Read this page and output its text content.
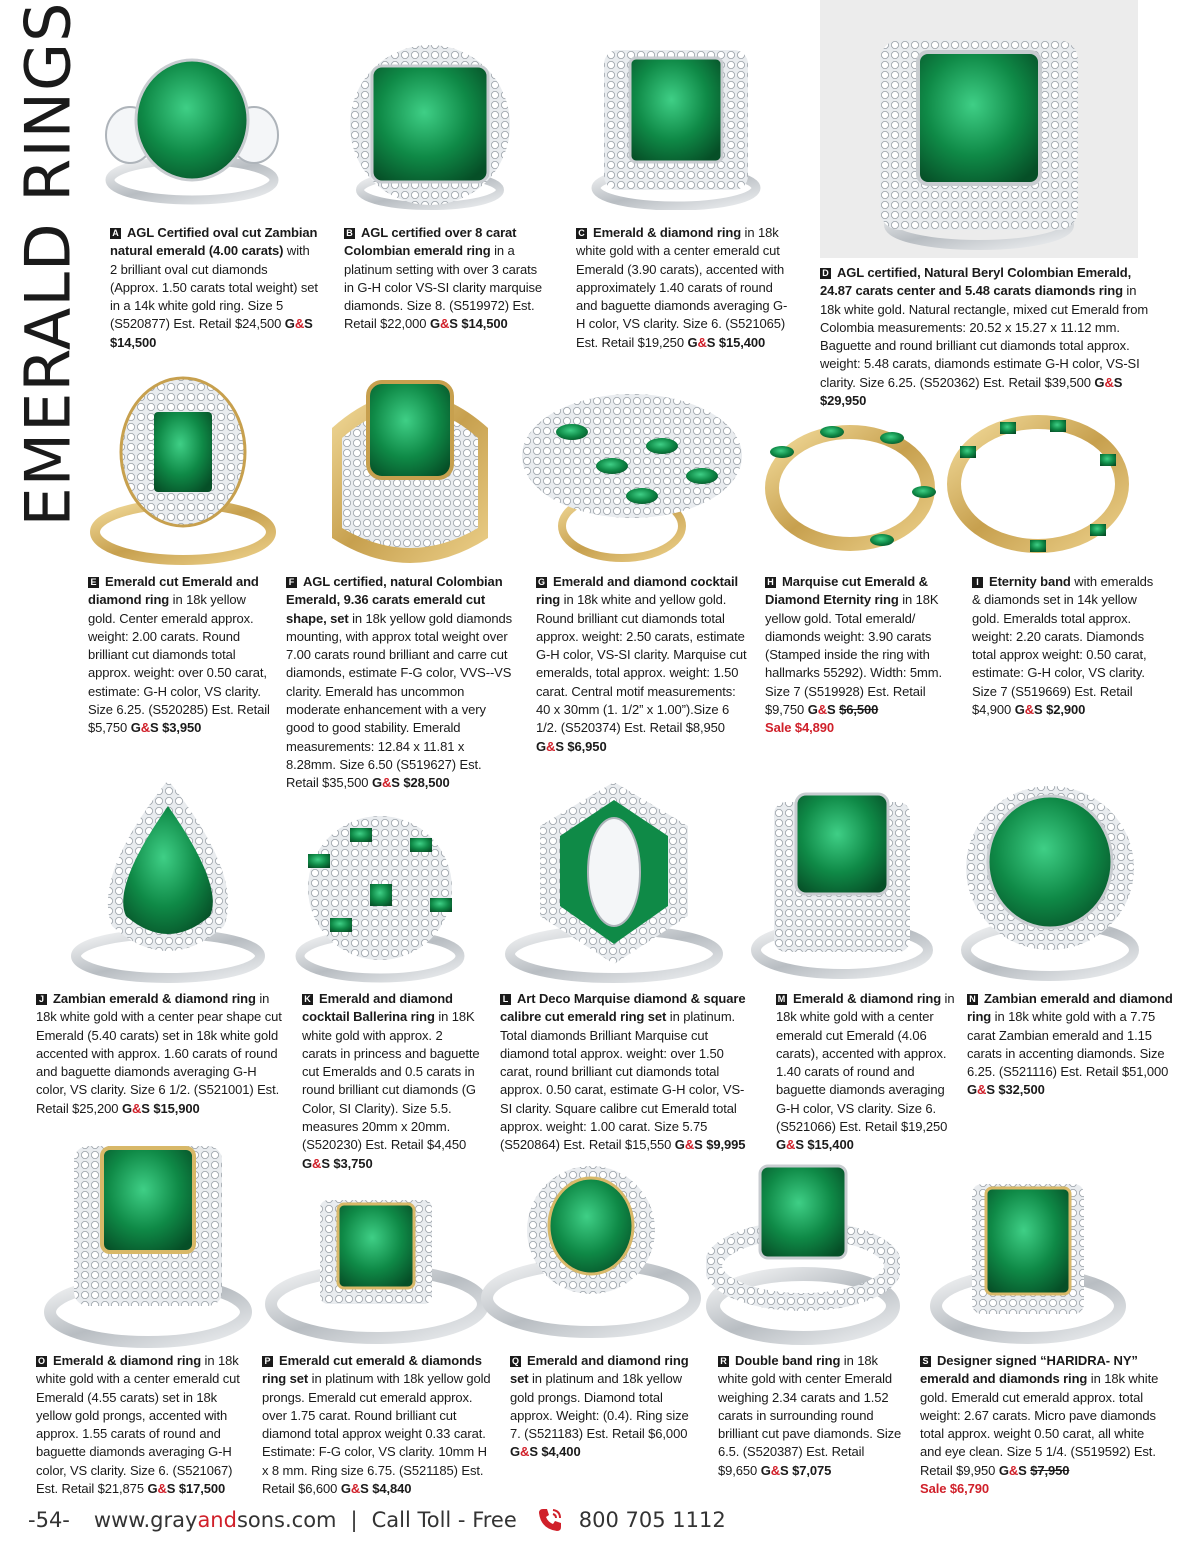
EMERALD RINGS	A AGL Certified oval cut Zambian natural emerald (4.00 carats) with 2 brilliant oval cut diamonds (Approx. 1.50 carats total weight) set in a 14k white gold ring. Size 5 (S520877) Est. Retail $24,500 G&S $14,500
B AGL certified over 8 carat Colombian emerald ring in a platinum setting with over 3 carats in G-H color VS-SI clarity marquise diamonds. Size 8. (S519972) Est. Retail $22,000 G&S $14,500
C Emerald & diamond ring in 18k white gold with a center emerald cut Emerald (3.90 carats), accented with approximately 1.40 carats of round and baguette diamonds averaging G-H color, VS clarity. Size 6. (S521065) Est. Retail $19,250 G&S $15,400
D AGL certified, Natural Beryl Colombian Emerald, 24.87 carats center and 5.48 carats diamonds ring in 18k white gold. Natural rectangle, mixed cut Emerald from Colombia measurements: 20.52 x 15.27 x 11.12 mm. Baguette and round brilliant cut diamonds total approx. weight: 5.48 carats, diamonds estimate G-H color, VS-SI clarity. Size 6.25. (S520362) Est. Retail $39,500 G&S $29,950
E Emerald cut Emerald and diamond ring in 18k yellow gold. Center emerald approx. weight: 2.00 carats. Round brilliant cut diamonds total approx. weight: over 0.50 carat, estimate: G-H color, VS clarity. Size 6.25. (S520285) Est. Retail $5,750 G&S $3,950
F AGL certified, natural Colombian Emerald, 9.36 carats emerald cut shape, set in 18k yellow gold diamonds mounting, with approx total weight over 7.00 carats round brilliant and carre cut diamonds, estimate F-G color, VVS--VS clarity. Emerald has uncommon moderate enhancement with a very good to good stability. Emerald measurements: 12.84 x 11.81 x 8.28mm. Size 6.50 (S519627) Est. Retail $35,500 G&S $28,500
G Emerald and diamond cocktail ring in 18k white and yellow gold. Round brilliant cut diamonds total approx. weight: 2.50 carats, estimate G-H color, VS-SI clarity. Marquise cut emeralds, total approx. weight: 1.50 carat. Central motif measurements: 40 x 30mm (1. 1/2” x 1.00”).Size 6 1/2. (S520374) Est. Retail $8,950 G&S $6,950
H Marquise cut Emerald & Diamond Eternity ring in 18K yellow gold. Total emerald/ diamonds weight: 3.90 carats (Stamped inside the ring with hallmarks 55292). Width: 5mm. Size 7 (S519928) Est. Retail $9,750 G&S $6,500
Sale $4,890
I Eternity band with emeralds & diamonds set in 14k yellow gold. Emeralds total approx. weight: 2.20 carats. Diamonds total approx weight: 0.50 carat, estimate: G-H color, VS clarity. Size 7 (S519669) Est. Retail $4,900 G&S $2,900
J Zambian emerald & diamond ring in 18k white gold with a center pear shape cut Emerald (5.40 carats) set in 18k white gold accented with approx. 1.60 carats of round and baguette diamonds averaging G-H color, VS clarity. Size 6 1/2. (S521001) Est. Retail $25,200 G&S $15,900
K Emerald and diamond cocktail Ballerina ring in 18K white gold with approx. 2 carats in princess and baguette cut Emeralds and 0.5 carats in round brilliant cut diamonds (G Color, SI Clarity). Size 5.5. measures 20mm x 20mm. (S520230) Est. Retail $4,450 G&S $3,750
L Art Deco Marquise diamond & square calibre cut emerald ring set in platinum. Total diamonds Brilliant Marquise cut diamond total approx. weight: over 1.50 carat, round brilliant cut diamonds total approx. 0.50 carat, estimate G-H color, VS-SI clarity. Square calibre cut Emerald total approx. weight: 1.00 carat. Size 5.75 (S520864) Est. Retail $15,550 G&S $9,995
M Emerald & diamond ring in 18k white gold with a center emerald cut Emerald (4.06 carats), accented with approx. 1.40 carats of round and baguette diamonds averaging G-H color, VS clarity. Size 6. (S521066) Est. Retail $19,250 G&S $15,400
N Zambian emerald and diamond ring in 18k white gold with a 7.75 carat Zambian emerald and 1.15 carats in accenting diamonds. Size 6.25. (S521116) Est. Retail $51,000 G&S $32,500
O Emerald & diamond ring in 18k white gold with a center emerald cut Emerald (4.55 carats) set in 18k yellow gold prongs, accented with approx. 1.55 carats of round and baguette diamonds averaging G-H color, VS clarity. Size 6. (S521067) Est. Retail $21,875 G&S $17,500
P Emerald cut emerald & diamonds ring set in platinum with 18k yellow gold prongs. Emerald cut emerald approx. over 1.75 carat. Round brilliant cut diamond total approx weight 0.33 carat. Estimate: F-G color, VS clarity. 10mm H x 8 mm. Ring size 6.75. (S521185) Est. Retail $6,600 G&S $4,840
Q Emerald and diamond ring set in platinum and 18k yellow gold prongs. Diamond total approx. Weight: (0.4). Ring size 7. (S521183) Est. Retail $6,000 G&S $4,400
R Double band ring in 18k white gold with center Emerald weighing 2.34 carats and 1.52 carats in surrounding round brilliant cut pave diamonds. Size 6.5. (S520387) Est. Retail $9,650 G&S $7,075
S Designer signed “HARIDRA- NY” emerald and diamonds ring in 18k white gold. Emerald cut emerald approx. total weight: 2.67 carats. Micro pave diamonds total approx. weight 0.50 carat, all white and eye clean. Size 5 1/4. (S519592) Est. Retail $9,950 G&S $7,950
Sale $6,790
-54- www.grayandsons.com | Call Toll - Free	800 705 1112
